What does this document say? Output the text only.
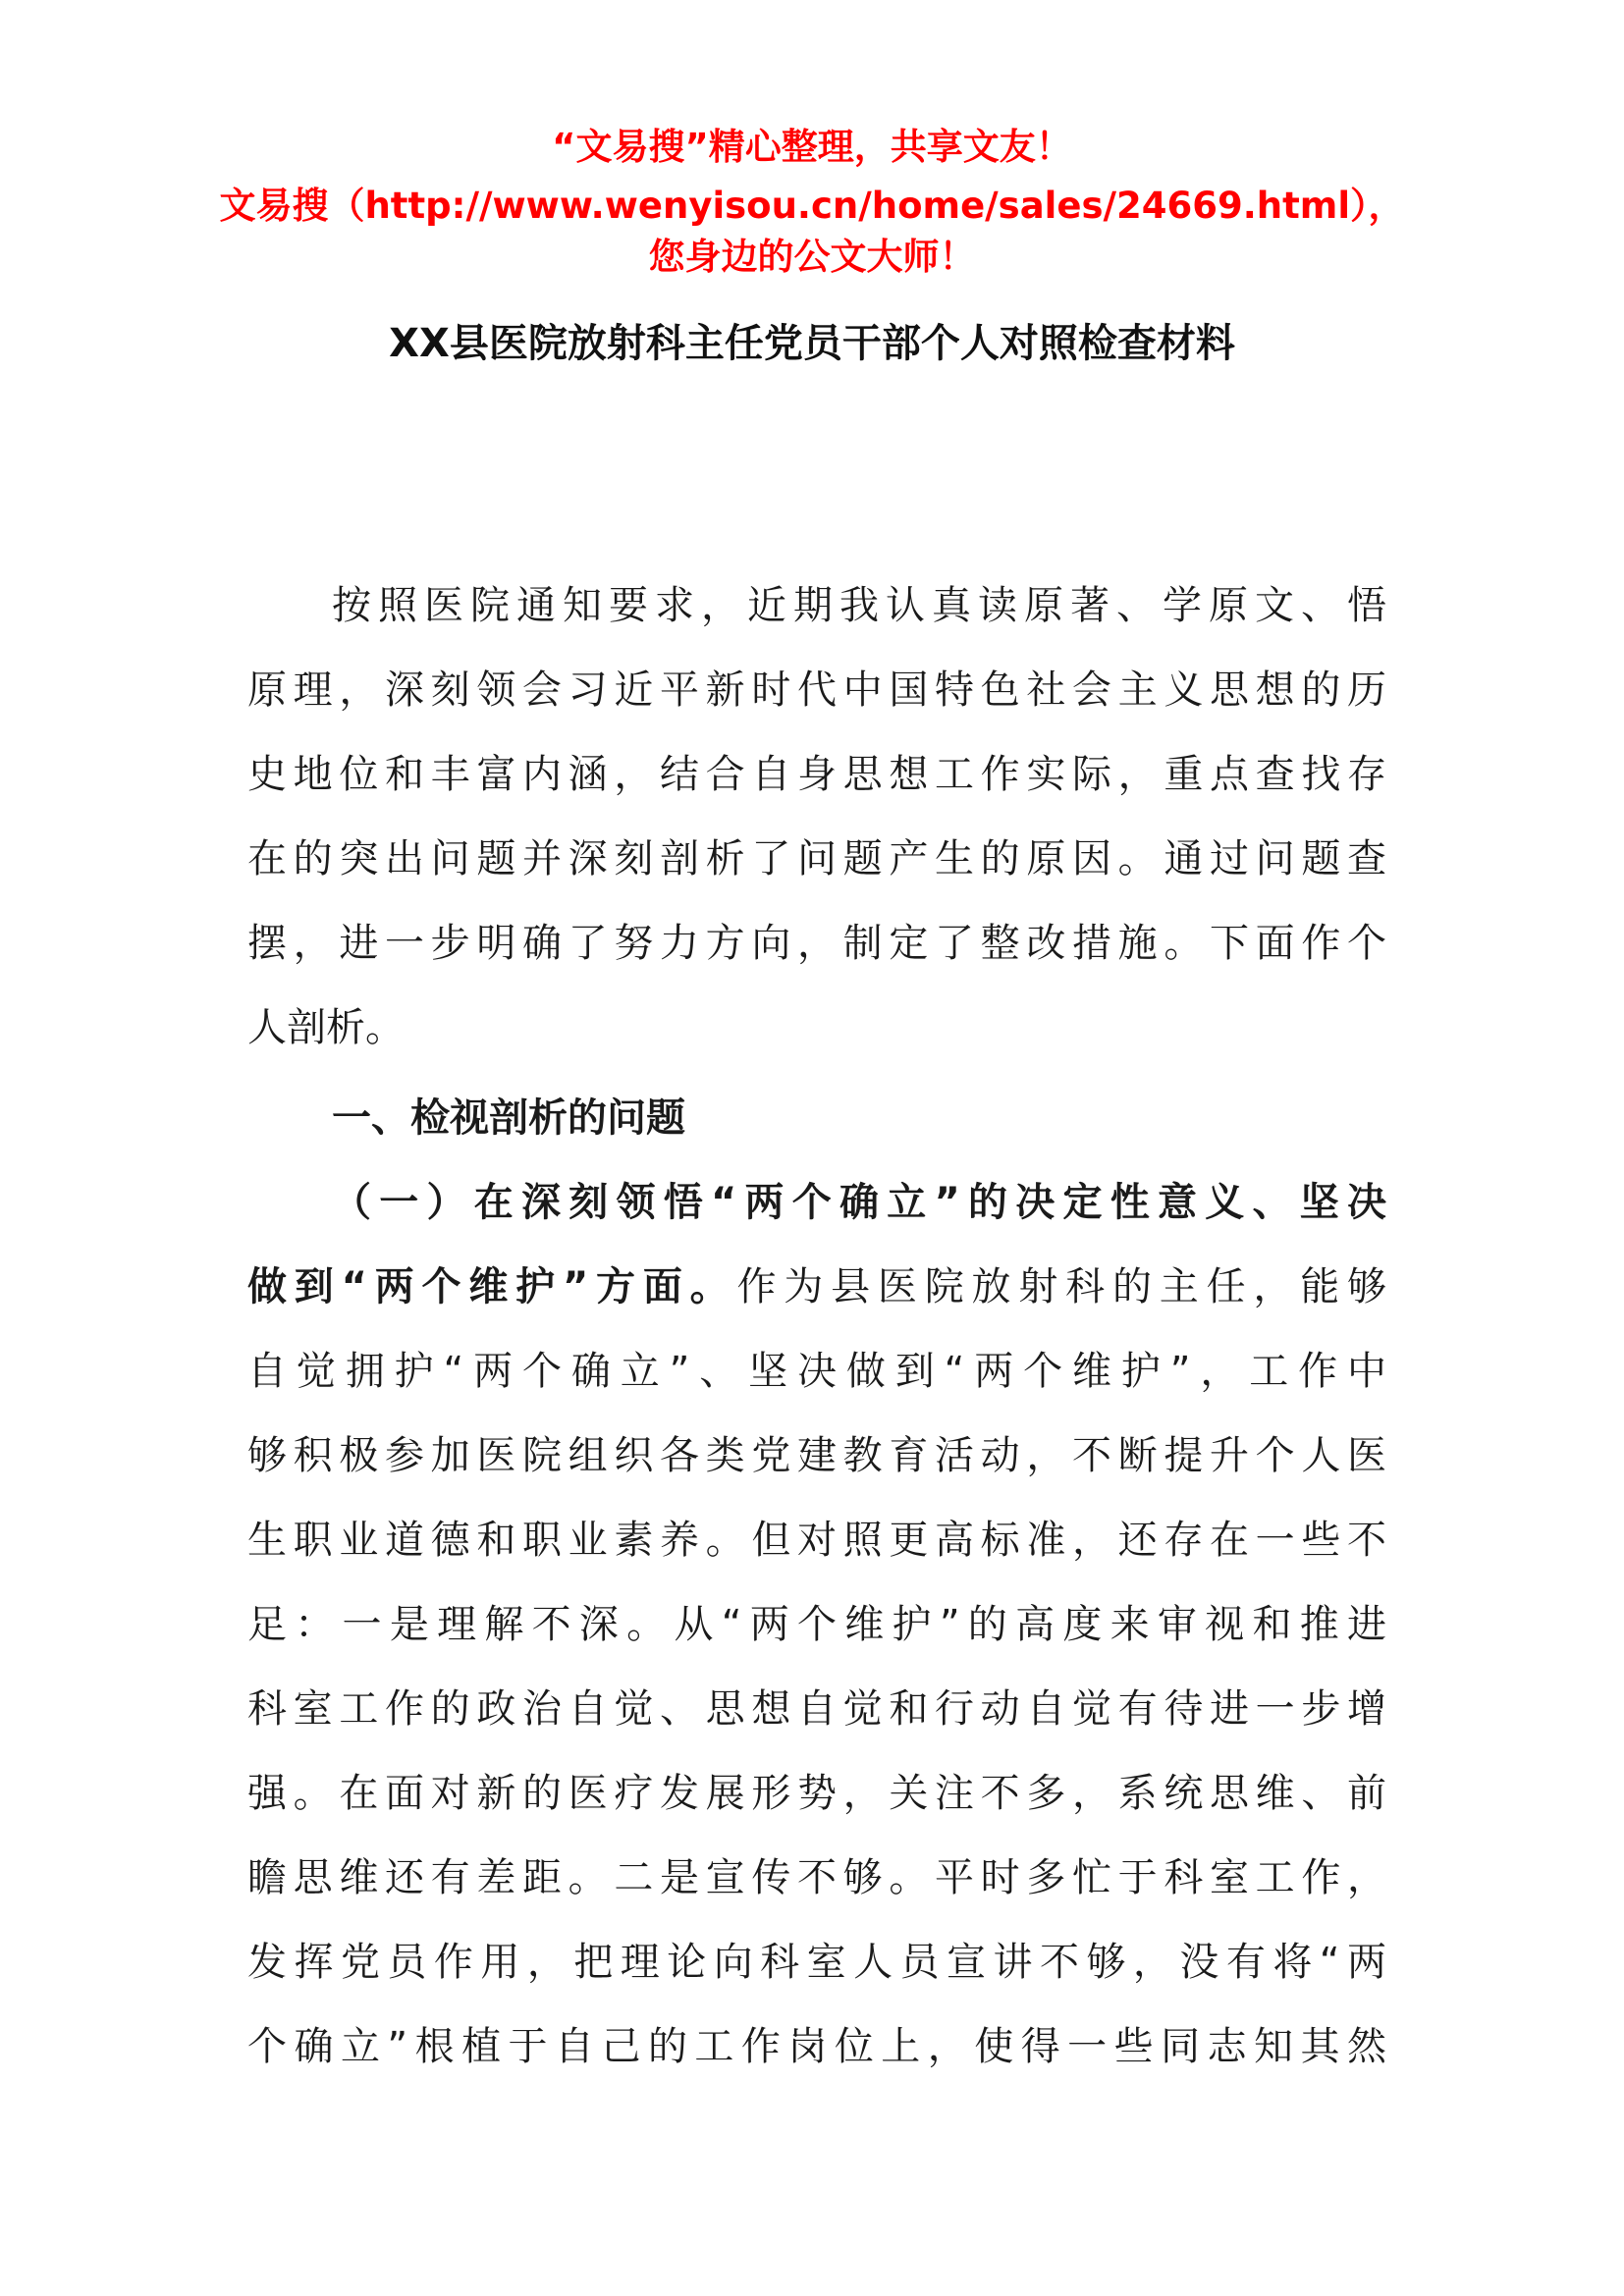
“文易搜”精心整理，共享文友！
文易搜（http://www.wenyisou.cn/home/sales/24669.html），
您身边的公文大师！
XX县医院放射科主任党员干部个人对照检查材料
按照医院通知要求，近期我认真读原著、学原文、悟
原理，深刻领会习近平新时代中国特色社会主义思想的历
史地位和丰富内涵，结合自身思想工作实际，重点查找存
在的突出问题并深刻剖析了问题产生的原因。通过问题查
摆，进一步明确了努力方向，制定了整改措施。下面作个
人剖析。
一、检视剖析的问题
（一）在深刻领悟“两个确立”的决定性意义、坚决
做到“两个维护”方面。作为县医院放射科的主任，能够
自觉拥护“两个确立”、坚决做到“两个维护”，工作中
够积极参加医院组织各类党建教育活动，不断提升个人医
生职业道德和职业素养。但对照更高标准，还存在一些不
足：一是理解不深。从“两个维护”的高度来审视和推进
科室工作的政治自觉、思想自觉和行动自觉有待进一步增
强。在面对新的医疗发展形势，关注不多，系统思维、前
瞻思维还有差距。二是宣传不够。平时多忙于科室工作，
发挥党员作用，把理论向科室人员宣讲不够，没有将“两
个确立”根植于自己的工作岗位上，使得一些同志知其然
